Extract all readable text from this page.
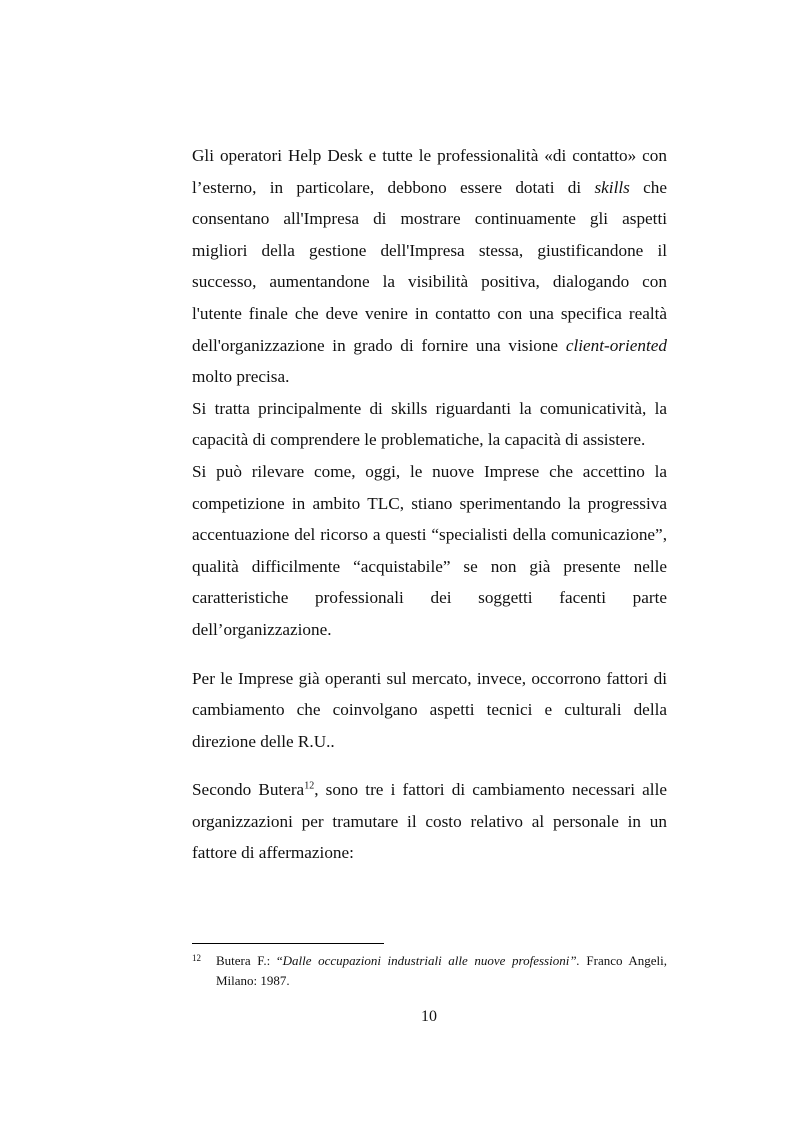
Gli operatori Help Desk e tutte le professionalità «di contatto» con l’esterno, in particolare, debbono essere dotati di skills che consentano all'Impresa di mostrare continuamente gli aspetti migliori della gestione dell'Impresa stessa, giustificandone il successo, aumentandone la visibilità positiva, dialogando con l'utente finale che deve venire in contatto con una specifica realtà dell'organizzazione in grado di fornire una visione client-oriented molto precisa.

Si tratta principalmente di skills riguardanti la comunicatività, la capacità di comprendere le problematiche, la capacità di assistere.

Si può rilevare come, oggi, le nuove Imprese che accettino la competizione in ambito TLC, stiano sperimentando la progressiva accentuazione del ricorso a questi “specialisti della comunicazione”, qualità difficilmente “acquistabile” se non già presente nelle caratteristiche professionali dei soggetti facenti parte dell’organizzazione.

Per le Imprese già operanti sul mercato, invece, occorrono fattori di cambiamento che coinvolgano aspetti tecnici e culturali della direzione delle R.U..

Secondo Butera$^{12}$, sono tre i fattori di cambiamento necessari alle organizzazioni per tramutare il costo relativo al personale in un fattore di affermazione:

12 Butera F.: “Dalle occupazioni industriali alle nuove professioni”. Franco Angeli, Milano: 1987.
10
